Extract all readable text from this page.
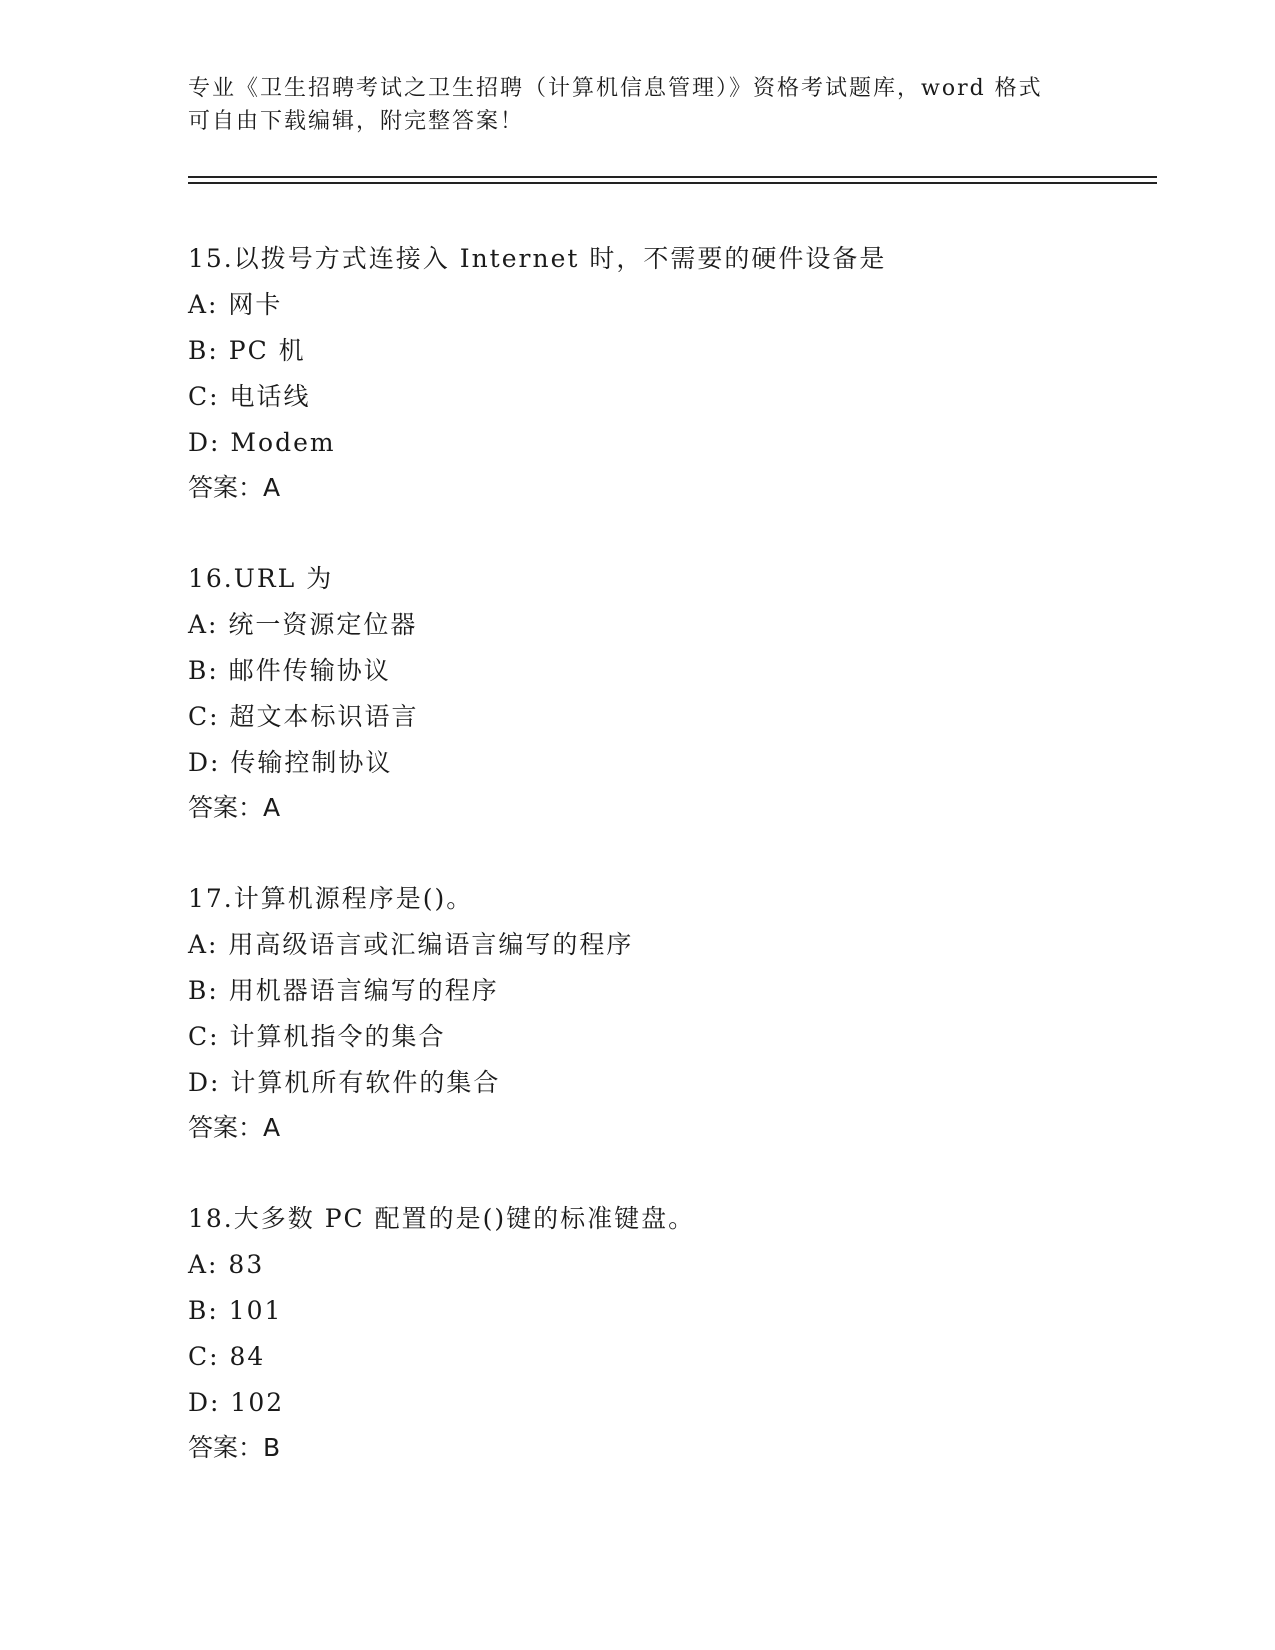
专业《卫生招聘考试之卫生招聘（计算机信息管理）》资格考试题库，word 格式
可自由下载编辑，附完整答案！
15.以拨号方式连接入 Internet 时，不需要的硬件设备是
A: 网卡
B: PC 机
C: 电话线
D: Modem
答案：A
16.URL 为
A: 统一资源定位器
B: 邮件传输协议
C: 超文本标识语言
D: 传输控制协议
答案：A
17.计算机源程序是()。
A: 用高级语言或汇编语言编写的程序
B: 用机器语言编写的程序
C: 计算机指令的集合
D: 计算机所有软件的集合
答案：A
18.大多数 PC 配置的是()键的标准键盘。
A: 83
B: 101
C: 84
D: 102
答案：B
